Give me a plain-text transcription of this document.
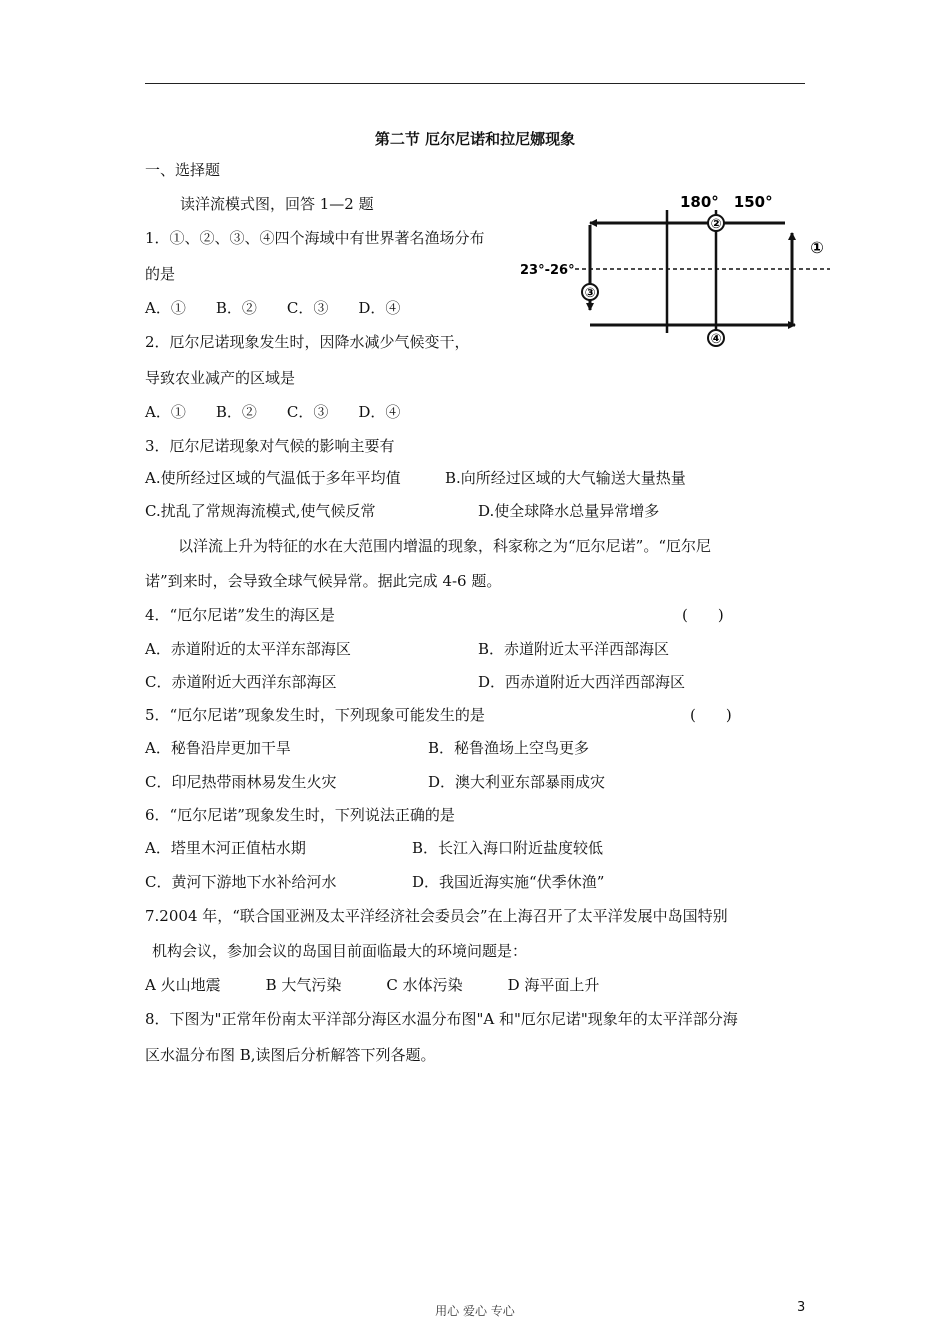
第二节 厄尔尼诺和拉尼娜现象
一、选择题
读洋流模式图，回答 1—2 题
1．①、②、③、④四个海域中有世界著名渔场分布
的是
A．①　　B．②　　C．③　　D．④
2．厄尔尼诺现象发生时，因降水减少气候变干，
导致农业减产的区域是
A．①　　B．②　　C．③　　D．④
3．厄尔尼诺现象对气候的影响主要有
A.使所经过区域的气温低于多年平均值	B.向所经过区域的大气输送大量热量
C.扰乱了常规海流模式,使气候反常	D.使全球降水总量异常增多
以洋流上升为特征的水在大范围内增温的现象，科家称之为“厄尔尼诺”。“厄尔尼
诺”到来时，会导致全球气候异常。据此完成 4-6 题。
4．“厄尔尼诺”发生的海区是	(　　)
A．赤道附近的太平洋东部海区	B．赤道附近太平洋西部海区
C．赤道附近大西洋东部海区	D．西赤道附近大西洋西部海区
5．“厄尔尼诺”现象发生时，下列现象可能发生的是	(　　)
A．秘鲁沿岸更加干旱	B．秘鲁渔场上空鸟更多
C．印尼热带雨林易发生火灾	D．澳大利亚东部暴雨成灾
6．“厄尔尼诺”现象发生时，下列说法正确的是
A．塔里木河正值枯水期	B．长江入海口附近盐度较低
C．黄河下游地下水补给河水	D．我国近海实施“伏季休渔”
7.2004 年，“联合国亚洲及太平洋经济社会委员会”在上海召开了太平洋发展中岛国特别
机构会议，参加会议的岛国目前面临最大的环境问题是：
A 火山地震　　　B 大气污染　　　C 水体污染　　　D 海平面上升
8．下图为"正常年份南太平洋部分海区水温分布图"A 和"厄尔尼诺"现象年的太平洋部分海
区水温分布图 B,读图后分析解答下列各题。
180°　150°
23°-26°
②
④
③
①
用心 爱心 专心	3
